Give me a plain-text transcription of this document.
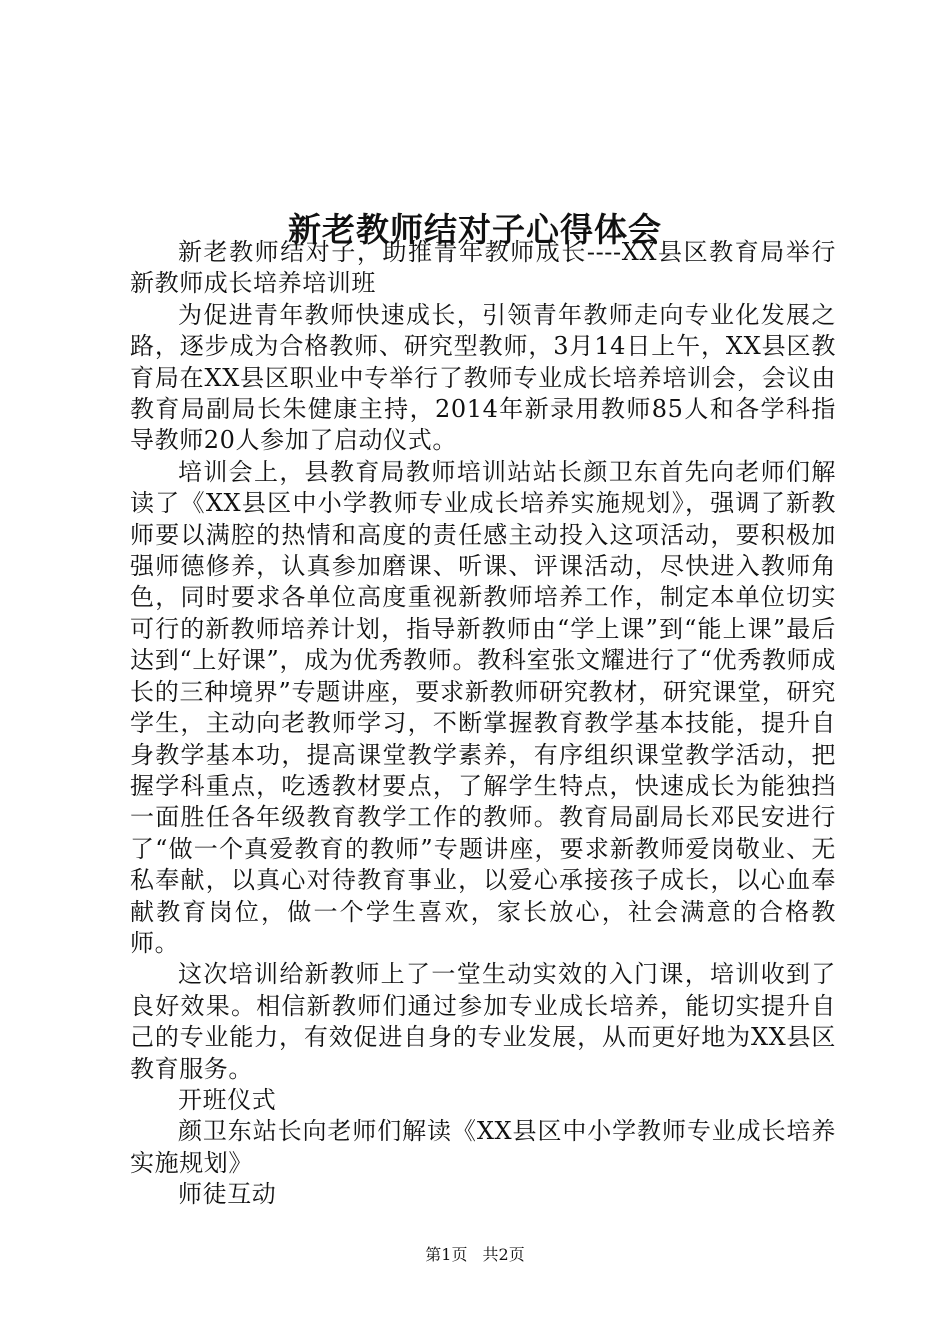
新老教师结对子心得体会

新老教师结对子，助推青年教师成长----XX县区教育局举行新教师成长培养培训班

为促进青年教师快速成长，引领青年教师走向专业化发展之路，逐步成为合格教师、研究型教师，3月14日上午，XX县区教育局在XX县区职业中专举行了教师专业成长培养培训会，会议由教育局副局长朱健康主持，2014年新录用教师85人和各学科指导教师20人参加了启动仪式。

培训会上，县教育局教师培训站站长颜卫东首先向老师们解读了《XX县区中小学教师专业成长培养实施规划》，强调了新教师要以满腔的热情和高度的责任感主动投入这项活动，要积极加强师德修养，认真参加磨课、听课、评课活动，尽快进入教师角色，同时要求各单位高度重视新教师培养工作，制定本单位切实可行的新教师培养计划，指导新教师由“学上课”到“能上课”最后达到“上好课”，成为优秀教师。教科室张文耀进行了“优秀教师成长的三种境界”专题讲座，要求新教师研究教材，研究课堂，研究学生，主动向老教师学习，不断掌握教育教学基本技能，提升自身教学基本功，提高课堂教学素养，有序组织课堂教学活动，把握学科重点，吃透教材要点，了解学生特点，快速成长为能独挡一面胜任各年级教育教学工作的教师。教育局副局长邓民安进行了“做一个真爱教育的教师”专题讲座，要求新教师爱岗敬业、无私奉献，以真心对待教育事业，以爱心承接孩子成长，以心血奉献教育岗位，做一个学生喜欢，家长放心，社会满意的合格教师。

这次培训给新教师上了一堂生动实效的入门课，培训收到了良好效果。相信新教师们通过参加专业成长培养，能切实提升自己的专业能力，有效促进自身的专业发展，从而更好地为XX县区教育服务。

开班仪式

颜卫东站长向老师们解读《XX县区中小学教师专业成长培养实施规划》

师徒互动

第1页 共2页
